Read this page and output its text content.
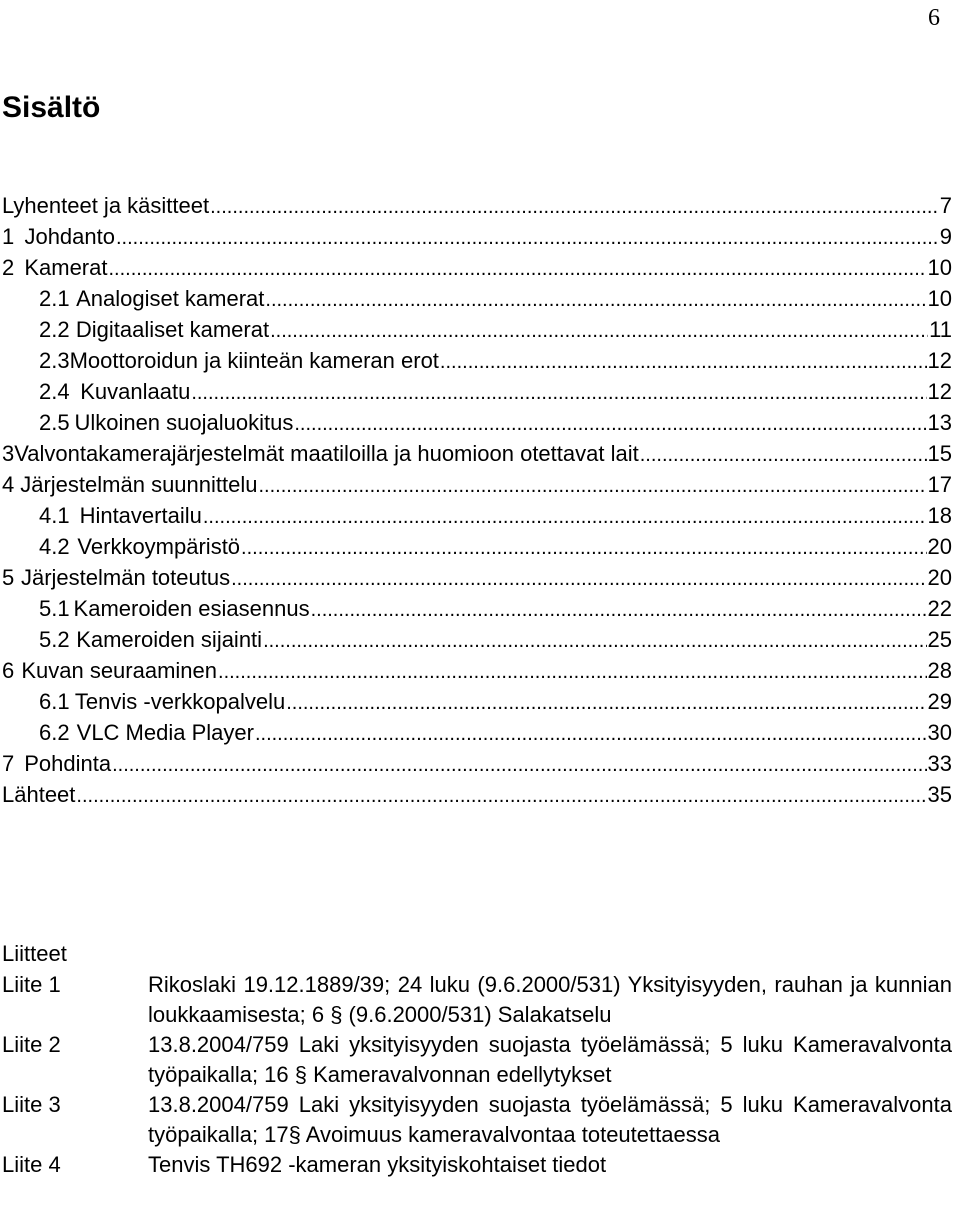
6
Sisältö
Lyhenteet ja käsitteet .....	7
1 Johdanto .....	9
2 Kamerat .....	10
2.1 Analogiset kamerat .....	10
2.2 Digitaaliset kamerat .....	11
2.3 Moottoroidun ja kiinteän kameran erot .....	12
2.4 Kuvanlaatu .....	12
2.5 Ulkoinen suojaluokitus .....	13
3 Valvontakamerajärjestelmät maatiloilla ja huomioon otettavat lait .....	15
4 Järjestelmän suunnittelu .....	17
4.1 Hintavertailu .....	18
4.2 Verkkoympäristö .....	20
5 Järjestelmän toteutus .....	20
5.1 Kameroiden esiasennus .....	22
5.2 Kameroiden sijainti .....	25
6 Kuvan seuraaminen .....	28
6.1 Tenvis -verkkopalvelu .....	29
6.2 VLC Media Player .....	30
7 Pohdinta .....	33
Lähteet .....	35
Liitteet
Liite 1	Rikoslaki 19.12.1889/39; 24 luku (9.6.2000/531) Yksityisyyden, rauhan ja kunnian loukkaamisesta; 6 § (9.6.2000/531) Salakatselu
Liite 2	13.8.2004/759 Laki yksityisyyden suojasta työelämässä; 5 luku Kameravalvonta työpaikalla; 16 § Kameravalvonnan edellytykset
Liite 3	13.8.2004/759 Laki yksityisyyden suojasta työelämässä; 5 luku Kameravalvonta työpaikalla; 17§ Avoimuus kameravalvontaa toteutettaessa
Liite 4	Tenvis TH692 -kameran yksityiskohtaiset tiedot
